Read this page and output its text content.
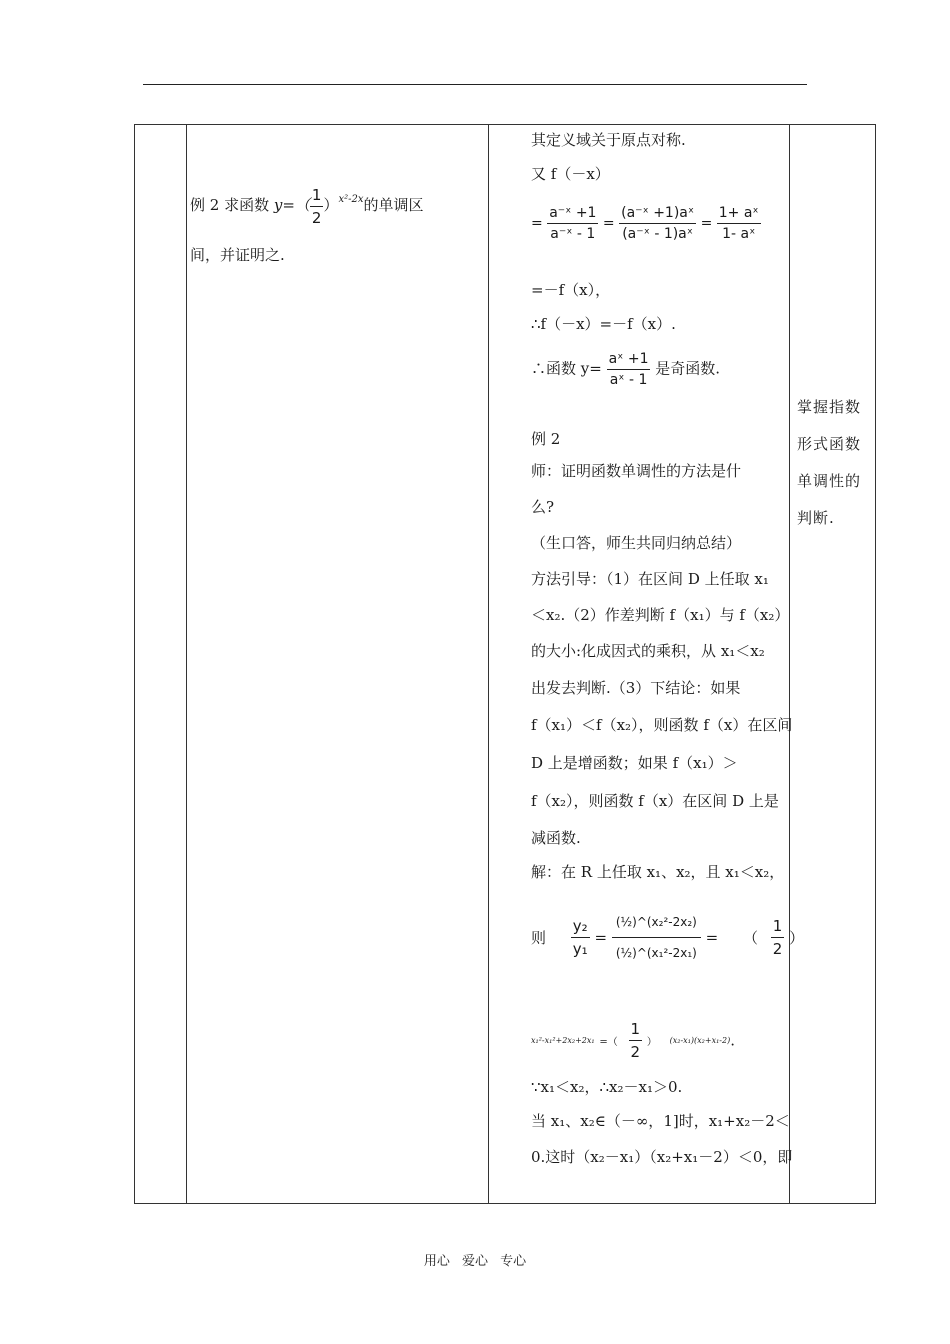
例 2 求函数 $y=( \frac{1}{2} )^{x^2-2x}$的单调区
间，并证明之.
其定义域关于原点对称.
又 f（－x）
= $\frac{\text{a⁻ˣ +1}}{\text{a⁻ˣ - 1}} = \frac{\text{(a⁻ˣ +1)aˣ}}{\text{(a⁻ˣ - 1)aˣ}} = \frac{\text{1+ aˣ}}{\text{1- aˣ}}$
=－f（x），
∴f（－x）=－f（x）.
∴函数 $y= \frac{\text{aˣ +1}}{\text{aˣ - 1}}$ 是奇函数.
例 2
师：证明函数单调性的方法是什
么?
（生口答，师生共同归纳总结）
方法引导：（1）在区间 D 上任取 x₁
＜x₂.（2）作差判断 f（x₁）与 f（x₂）
的大小:化成因式的乘积，从 x₁＜x₂
出发去判断.（3）下结论：如果
f（x₁）＜f（x₂），则函数 f（x）在区间
D 上是增函数；如果 f（x₁）＞
f（x₂），则函数 f（x）在区间 D 上是
减函数.
解：在 R 上任取 x₁、x₂，且 x₁＜x₂，
则 $\frac{\text{y₂}}{\text{y₁}} = \frac{\text{(½)\textasciicircum{}(x₂²-2x₂)}}{\text{(½)\textasciicircum{}(x₁²-2x₁)}}$ = （ $\frac{1}{2}$ ）
x₁²-x₁²+2x₂+2x₁ =（ $\frac{1}{2}$ ） (x₂-x₁)(x₂+x₁-2).
∵x₁＜x₂，∴x₂－x₁＞0.
当 x₁、x₂∈（－∞，1]时，x₁+x₂－2＜
0.这时（x₂－x₁）（x₂+x₁－2）＜0，即
掌握指数
形式函数
单调性的
判断.
用心 爱心 专心
